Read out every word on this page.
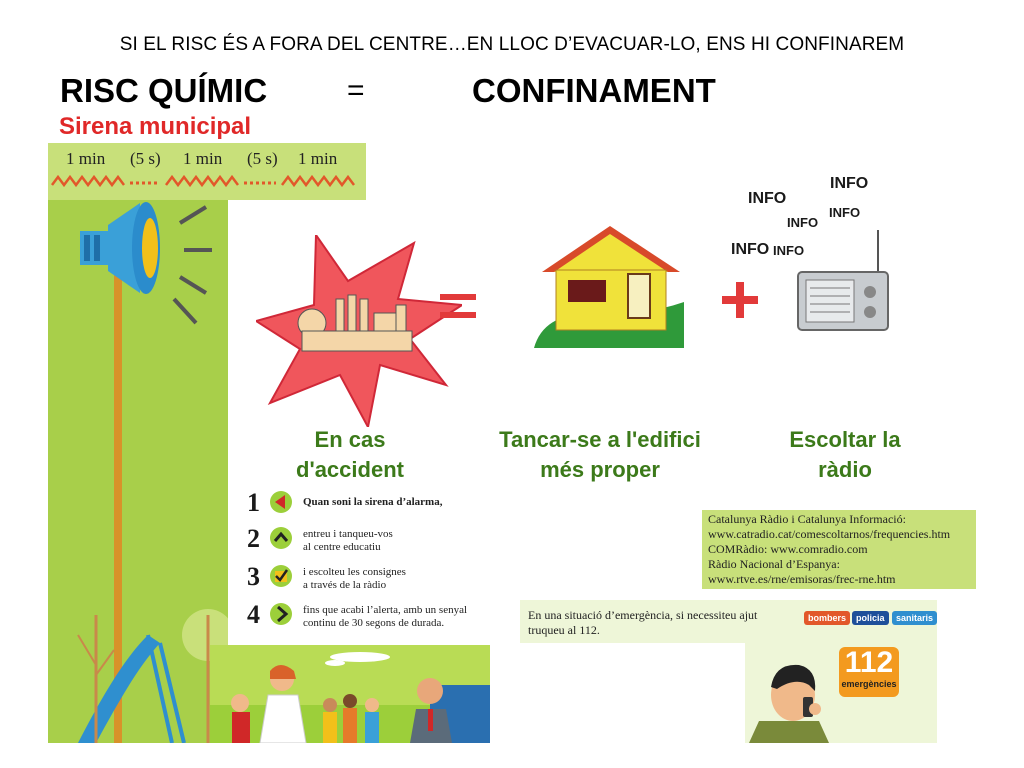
SI EL RISC ÉS A FORA DEL CENTRE…EN LLOC D’EVACUAR-LO, ENS HI CONFINAREM
RISC QUÍMIC	=	CONFINAMENT
Sirena municipal
1 min (5 s) 1 min (5 s) 1 min
INFO
INFO
INFO
INFO
INFO INFO
En cas
d'accident
Tancar-se a l'edifici
més proper
Escoltar la
ràdio
1	Quan soni la sirena d’alarma,
2	entreu i tanqueu-vos
al centre educatiu
3	i escolteu les consignes
a través de la ràdio
4	fins que acabi l’alerta, amb un senyal
continu de 30 segons de durada.
Catalunya Ràdio i Catalunya Informació:
www.catradio.cat/comescoltarnos/frequencies.htm
COMRàdio: www.comradio.com
Ràdio Nacional d’Espanya:
www.rtve.es/rne/emisoras/frec-rne.htm
En una situació d’emergència, si necessiteu ajut
truqueu al 112.
bombers	policia	sanitaris
112
emergències
